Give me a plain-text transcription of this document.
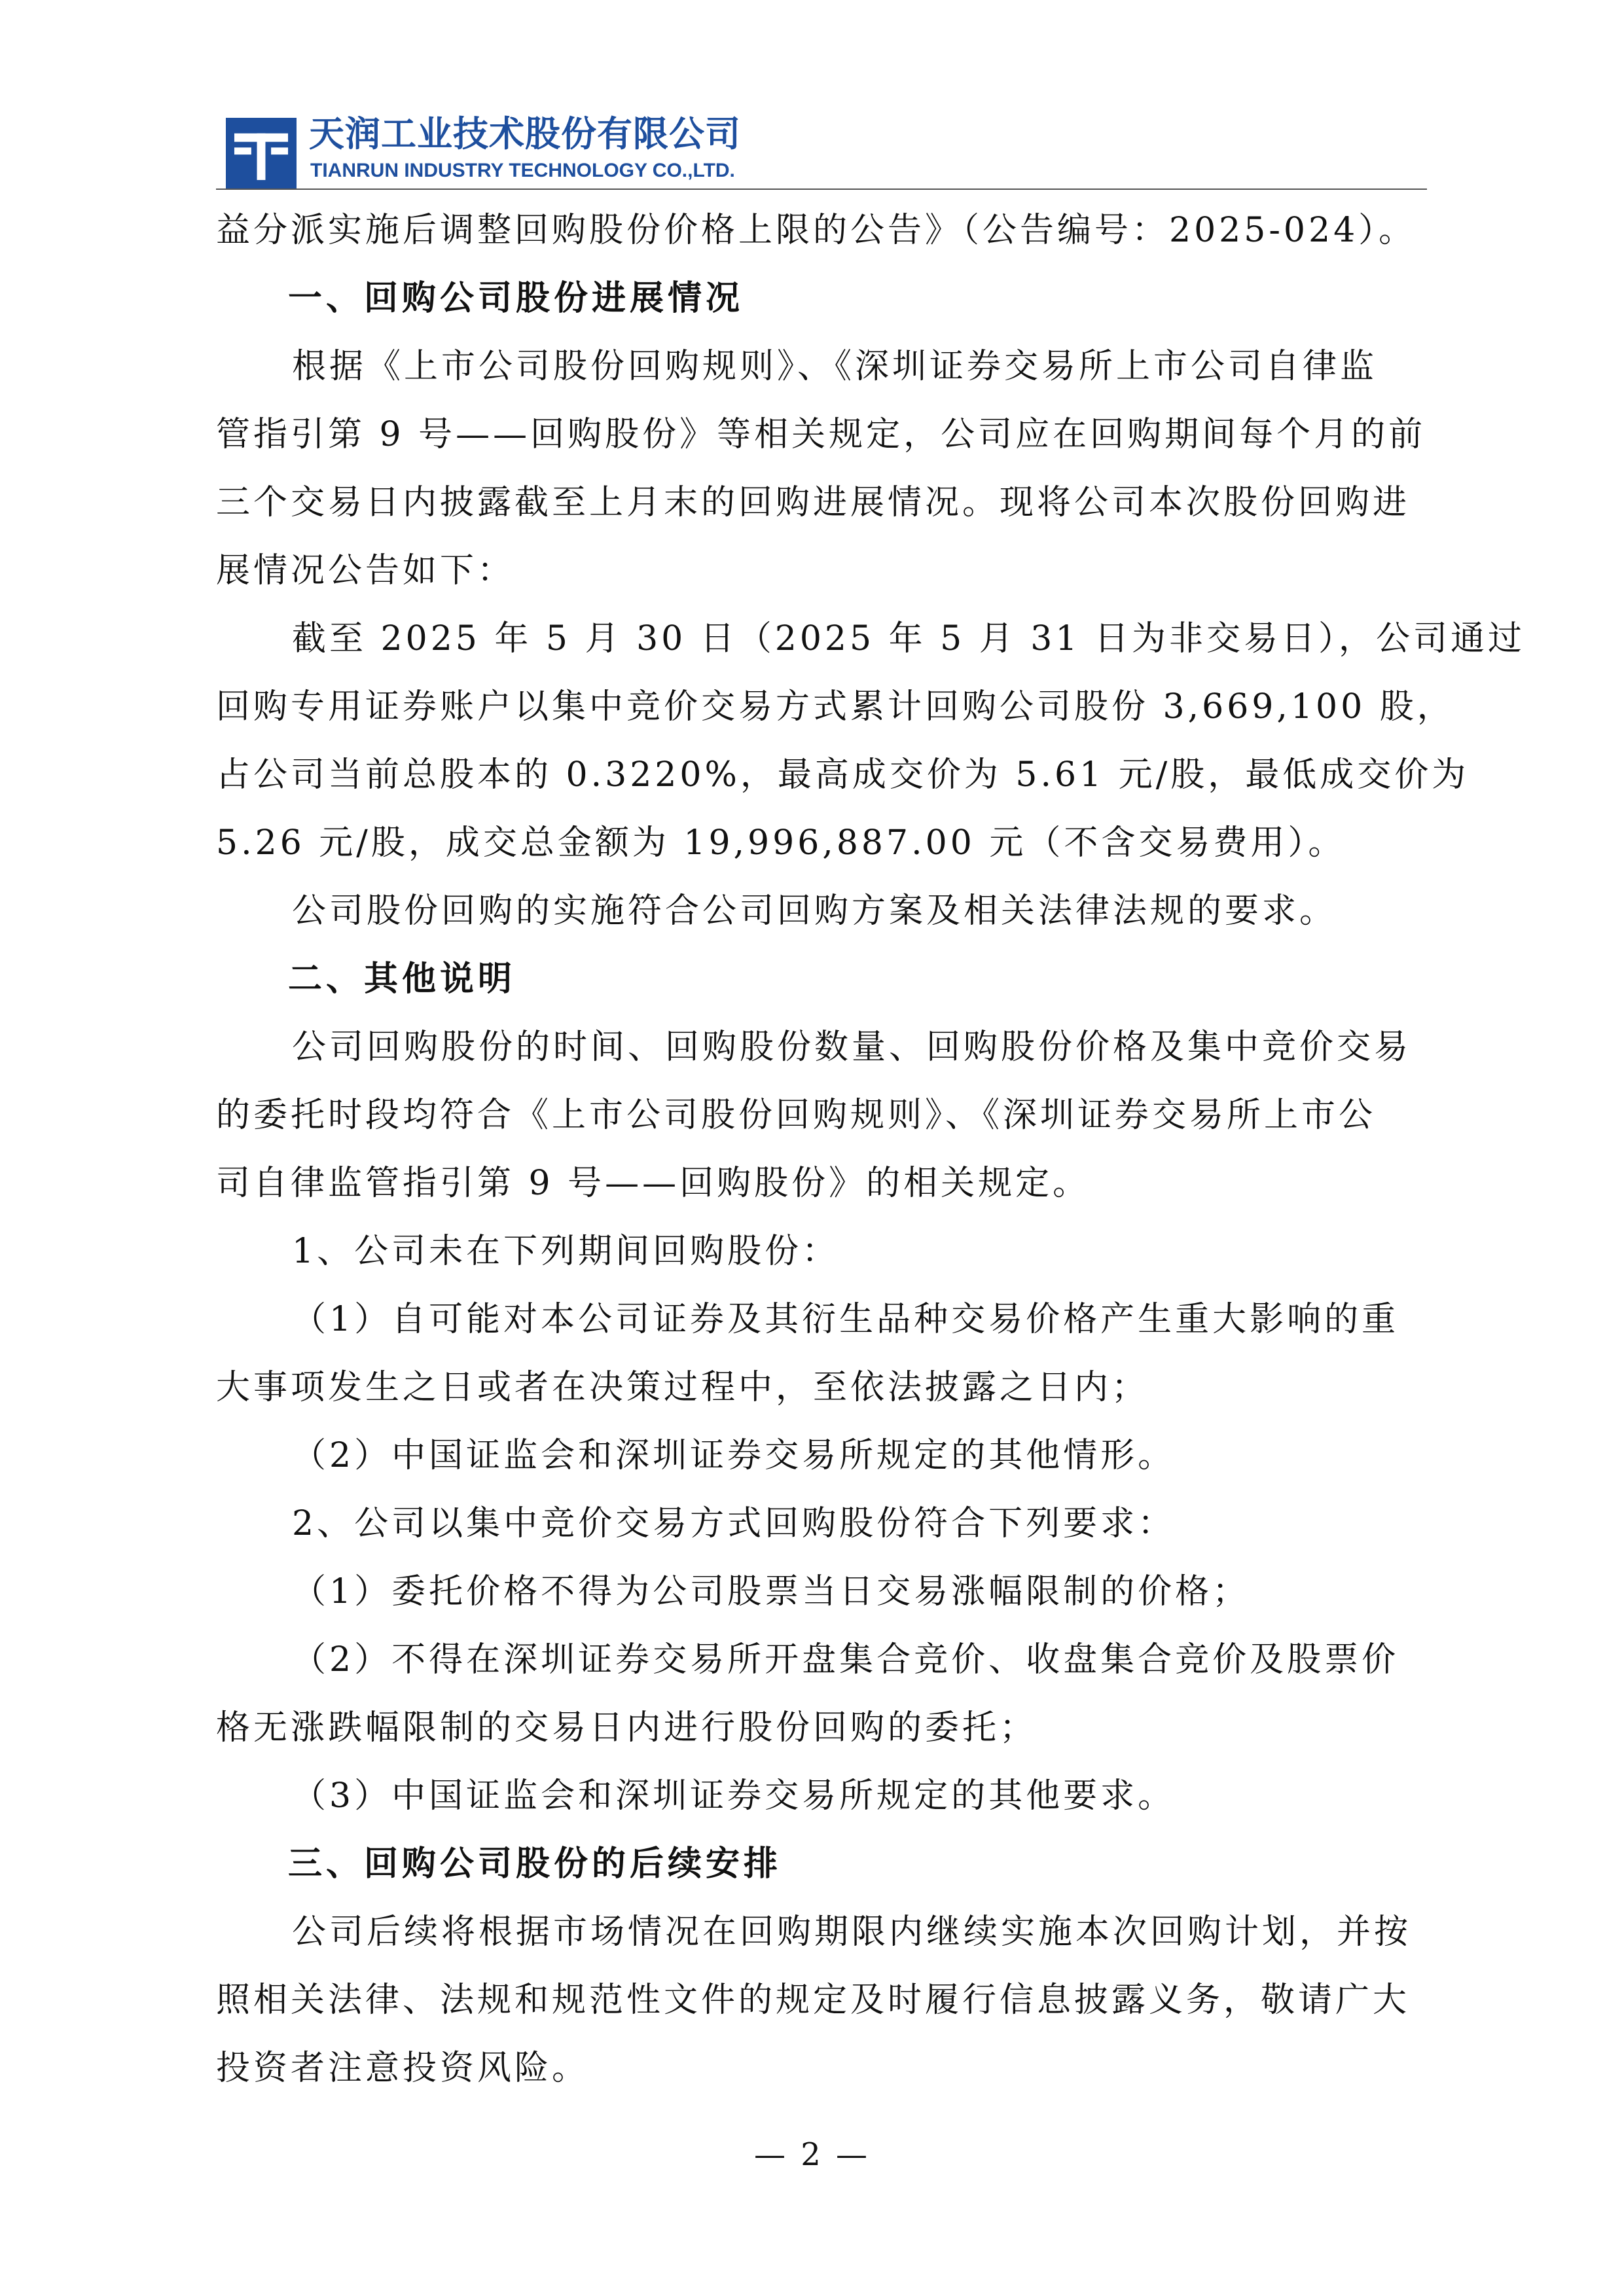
天润工业技术股份有限公司
TIANRUN INDUSTRY TECHNOLOGY CO.,LTD.

益分派实施后调整回购股份价格上限的公告》（公告编号：2025-024）。

一、回购公司股份进展情况

根据《上市公司股份回购规则》、《深圳证券交易所上市公司自律监

管指引第 9 号——回购股份》等相关规定，公司应在回购期间每个月的前

三个交易日内披露截至上月末的回购进展情况。现将公司本次股份回购进

展情况公告如下：

截至 2025 年 5 月 30 日（2025 年 5 月 31 日为非交易日），公司通过

回购专用证券账户以集中竞价交易方式累计回购公司股份 3,669,100 股，

占公司当前总股本的 0.3220%，最高成交价为 5.61 元/股，最低成交价为

5.26 元/股，成交总金额为 19,996,887.00 元（不含交易费用）。

公司股份回购的实施符合公司回购方案及相关法律法规的要求。

二、其他说明

公司回购股份的时间、回购股份数量、回购股份价格及集中竞价交易

的委托时段均符合《上市公司股份回购规则》、《深圳证券交易所上市公

司自律监管指引第 9 号——回购股份》的相关规定。

1、公司未在下列期间回购股份：

（1）自可能对本公司证券及其衍生品种交易价格产生重大影响的重

大事项发生之日或者在决策过程中，至依法披露之日内；

（2）中国证监会和深圳证券交易所规定的其他情形。

2、公司以集中竞价交易方式回购股份符合下列要求：

（1）委托价格不得为公司股票当日交易涨幅限制的价格；

（2）不得在深圳证券交易所开盘集合竞价、收盘集合竞价及股票价

格无涨跌幅限制的交易日内进行股份回购的委托；

（3）中国证监会和深圳证券交易所规定的其他要求。

三、回购公司股份的后续安排

公司后续将根据市场情况在回购期限内继续实施本次回购计划，并按

照相关法律、法规和规范性文件的规定及时履行信息披露义务，敬请广大

投资者注意投资风险。

— 2 —
